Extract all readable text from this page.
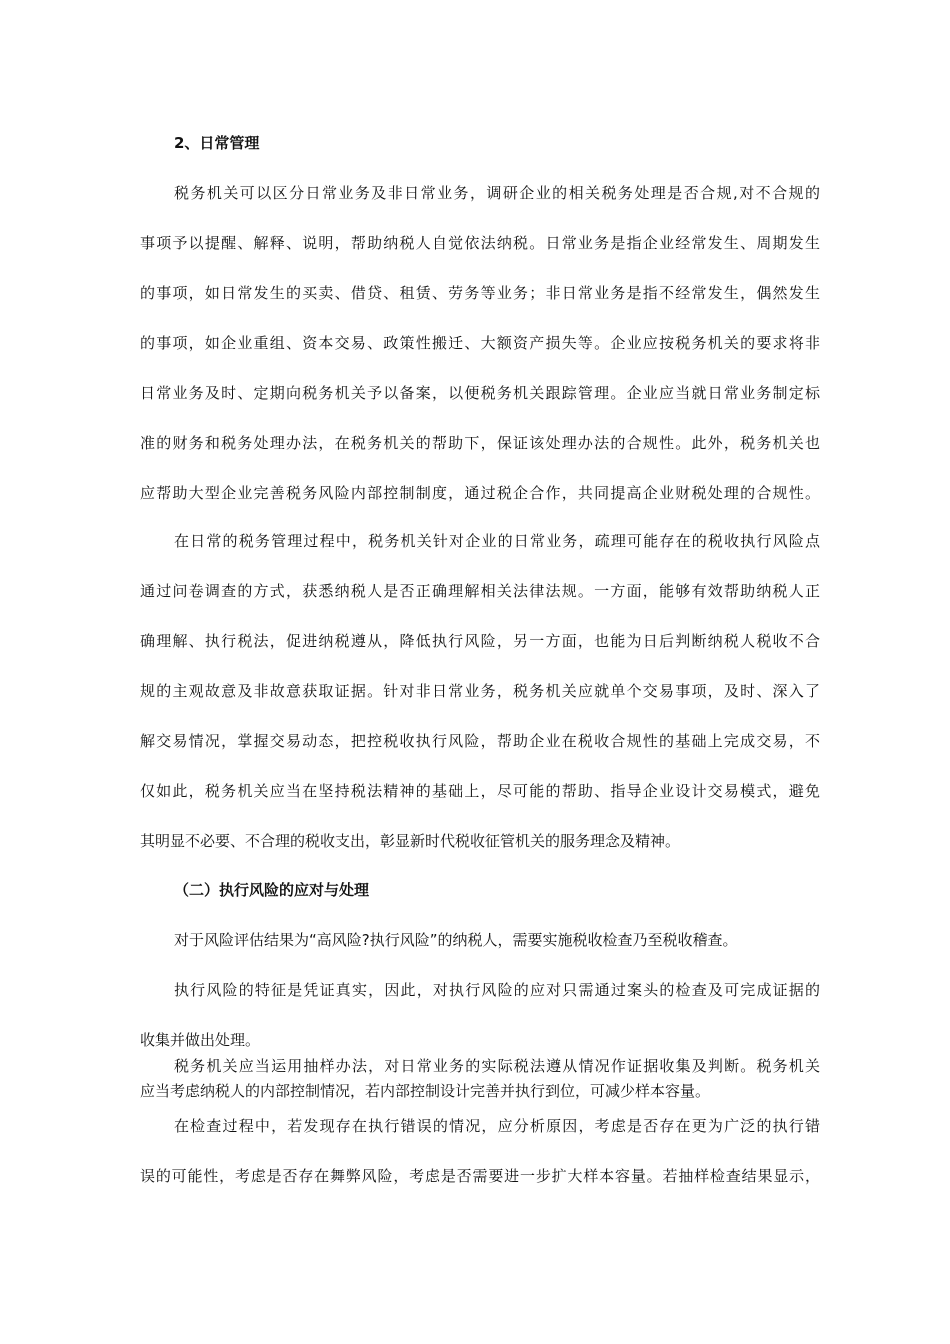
2、日常管理
税务机关可以区分日常业务及非日常业务，调研企业的相关税务处理是否合规,对不合规的
事项予以提醒、解释、说明，帮助纳税人自觉依法纳税。日常业务是指企业经常发生、周期发生
的事项，如日常发生的买卖、借贷、租赁、劳务等业务；非日常业务是指不经常发生，偶然发生
的事项，如企业重组、资本交易、政策性搬迁、大额资产损失等。企业应按税务机关的要求将非
日常业务及时、定期向税务机关予以备案，以便税务机关跟踪管理。企业应当就日常业务制定标
准的财务和税务处理办法，在税务机关的帮助下，保证该处理办法的合规性。此外，税务机关也
应帮助大型企业完善税务风险内部控制制度，通过税企合作，共同提高企业财税处理的合规性。
在日常的税务管理过程中，税务机关针对企业的日常业务，疏理可能存在的税收执行风险点
通过问卷调查的方式，获悉纳税人是否正确理解相关法律法规。一方面，能够有效帮助纳税人正
确理解、执行税法，促进纳税遵从，降低执行风险，另一方面，也能为日后判断纳税人税收不合
规的主观故意及非故意获取证据。针对非日常业务，税务机关应就单个交易事项，及时、深入了
解交易情况，掌握交易动态，把控税收执行风险，帮助企业在税收合规性的基础上完成交易，不
仅如此，税务机关应当在坚持税法精神的基础上，尽可能的帮助、指导企业设计交易模式，避免
其明显不必要、不合理的税收支出，彰显新时代税收征管机关的服务理念及精神。
（二）执行风险的应对与处理
对于风险评估结果为“高风险?执行风险”的纳税人，需要实施税收检查乃至税收稽查。
执行风险的特征是凭证真实，因此，对执行风险的应对只需通过案头的检查及可完成证据的
收集并做出处理。
税务机关应当运用抽样办法，对日常业务的实际税法遵从情况作证据收集及判断。税务机关
应当考虑纳税人的内部控制情况，若内部控制设计完善并执行到位，可减少样本容量。
在检查过程中，若发现存在执行错误的情况，应分析原因，考虑是否存在更为广泛的执行错
误的可能性，考虑是否存在舞弊风险，考虑是否需要进一步扩大样本容量。若抽样检查结果显示，
